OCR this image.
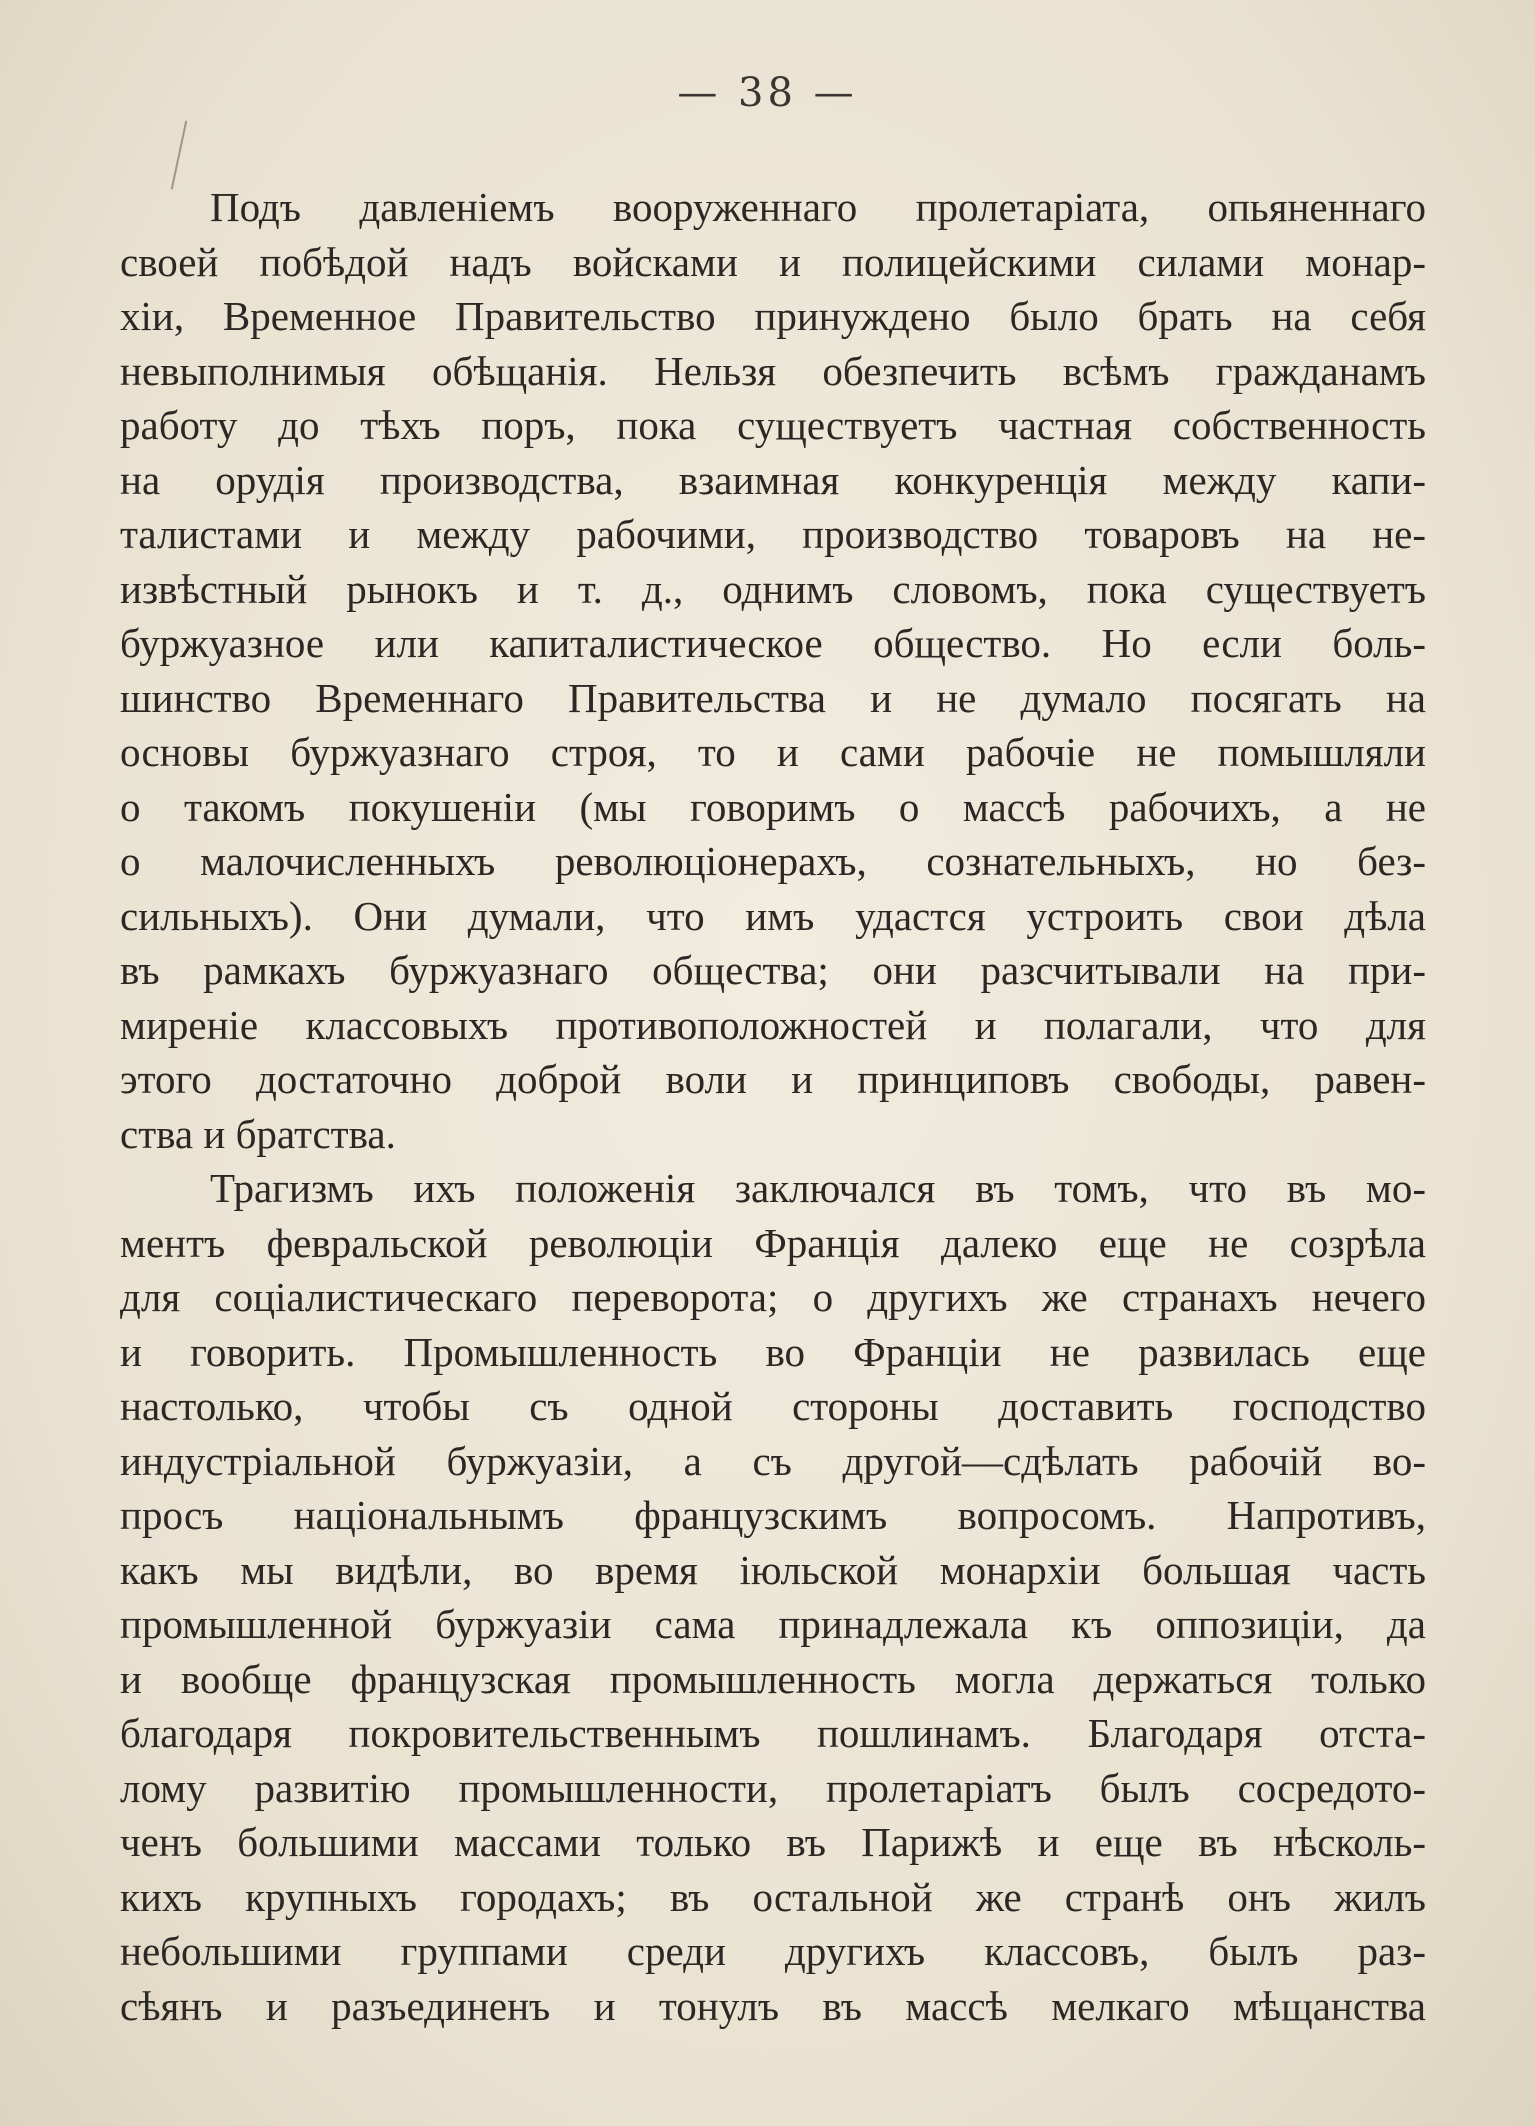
— 38 —
Подъ давленіемъ вооруженнаго пролетаріата, опьяненнаго
своей побѣдой надъ войсками и полицейскими силами монар-
хіи, Временное Правительство принуждено было брать на себя
невыполнимыя обѣщанія. Нельзя обезпечить всѣмъ гражданамъ
работу до тѣхъ поръ, пока существуетъ частная собственность
на орудія производства, взаимная конкуренція между капи-
талистами и между рабочими, производство товаровъ на не-
извѣстный рынокъ и т. д., однимъ словомъ, пока существуетъ
буржуазное или капиталистическое общество. Но если боль-
шинство Временнаго Правительства и не думало посягать на
основы буржуазнаго строя, то и сами рабочіе не помышляли
о такомъ покушеніи (мы говоримъ о массѣ рабочихъ, а не
о малочисленныхъ революціонерахъ, сознательныхъ, но без-
сильныхъ). Они думали, что имъ удастся устроить свои дѣла
въ рамкахъ буржуазнаго общества; они разсчитывали на при-
миреніе классовыхъ противоположностей и полагали, что для
этого достаточно доброй воли и принциповъ свободы, равен-
ства и братства.
Трагизмъ ихъ положенія заключался въ томъ, что въ мо-
ментъ февральской революціи Франція далеко еще не созрѣла
для соціалистическаго переворота; о другихъ же странахъ нечего
и говорить. Промышленность во Франціи не развилась еще
настолько, чтобы съ одной стороны доставить господство
индустріальной буржуазіи, а съ другой—сдѣлать рабочій во-
просъ національнымъ французскимъ вопросомъ. Напротивъ,
какъ мы видѣли, во время іюльской монархіи большая часть
промышленной буржуазіи сама принадлежала къ оппозиціи, да
и вообще французская промышленность могла держаться только
благодаря покровительственнымъ пошлинамъ. Благодаря отста-
лому развитію промышленности, пролетаріатъ былъ сосредото-
ченъ большими массами только въ Парижѣ и еще въ нѣсколь-
кихъ крупныхъ городахъ; въ остальной же странѣ онъ жилъ
небольшими группами среди другихъ классовъ, былъ раз-
сѣянъ и разъединенъ и тонулъ въ массѣ мелкаго мѣщанства
